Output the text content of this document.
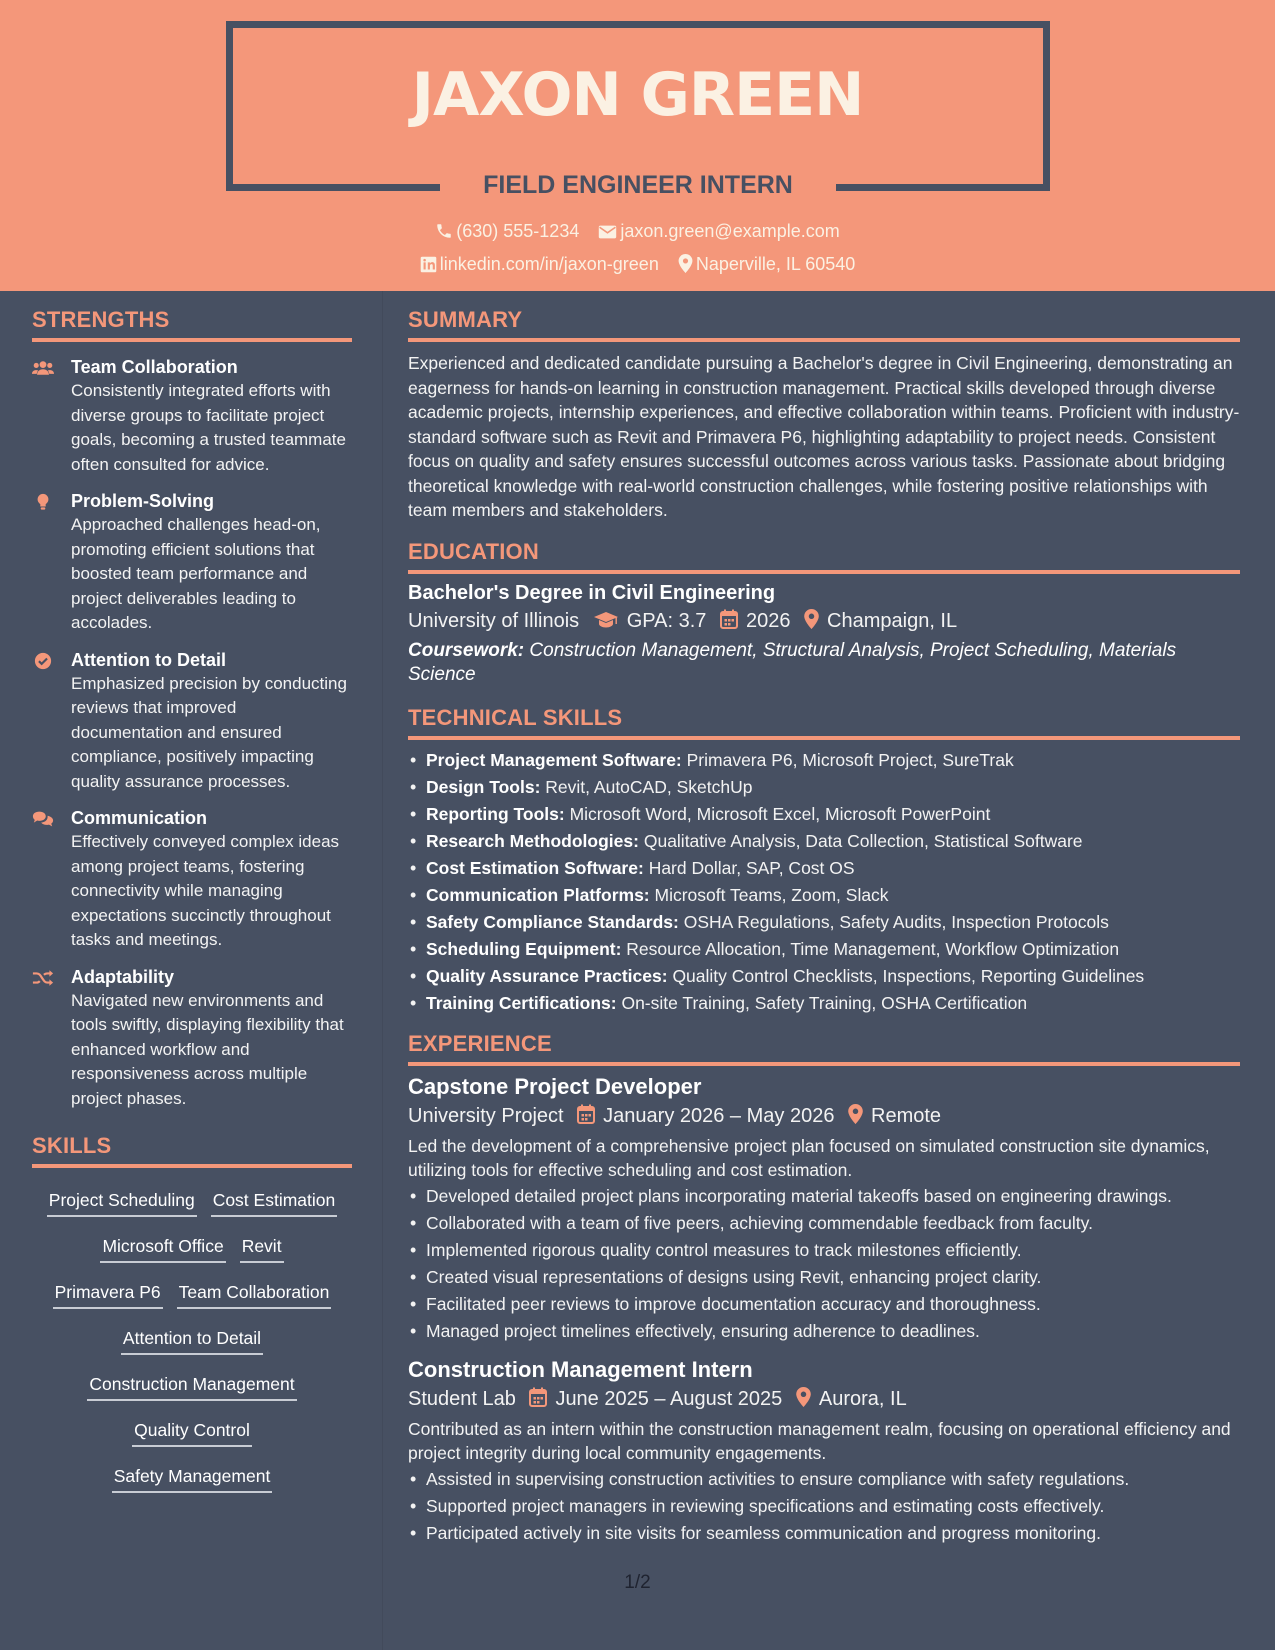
JAXON GREEN
FIELD ENGINEER INTERN
(630) 555-1234 jaxon.green@example.com
linkedin.com/in/jaxon-green Naperville, IL 60540
STRENGTHS
Team Collaboration
Consistently integrated efforts with diverse groups to facilitate project goals, becoming a trusted teammate often consulted for advice.
Problem-Solving
Approached challenges head-on, promoting efficient solutions that boosted team performance and project deliverables leading to accolades.
Attention to Detail
Emphasized precision by conducting reviews that improved documentation and ensured compliance, positively impacting quality assurance processes.
Communication
Effectively conveyed complex ideas among project teams, fostering connectivity while managing expectations succinctly throughout tasks and meetings.
Adaptability
Navigated new environments and tools swiftly, displaying flexibility that enhanced workflow and responsiveness across multiple project phases.
SKILLS
Project Scheduling Cost Estimation
Microsoft Office Revit
Primavera P6 Team Collaboration
Attention to Detail
Construction Management
Quality Control
Safety Management
SUMMARY
Experienced and dedicated candidate pursuing a Bachelor's degree in Civil Engineering, demonstrating an eagerness for hands-on learning in construction management. Practical skills developed through diverse academic projects, internship experiences, and effective collaboration within teams. Proficient with industry-standard software such as Revit and Primavera P6, highlighting adaptability to project needs. Consistent focus on quality and safety ensures successful outcomes across various tasks. Passionate about bridging theoretical knowledge with real-world construction challenges, while fostering positive relationships with team members and stakeholders.
EDUCATION
Bachelor's Degree in Civil Engineering
University of Illinois GPA: 3.7 2026 Champaign, IL
Coursework: Construction Management, Structural Analysis, Project Scheduling, Materials Science
TECHNICAL SKILLS
• Project Management Software: Primavera P6, Microsoft Project, SureTrak
• Design Tools: Revit, AutoCAD, SketchUp
• Reporting Tools: Microsoft Word, Microsoft Excel, Microsoft PowerPoint
• Research Methodologies: Qualitative Analysis, Data Collection, Statistical Software
• Cost Estimation Software: Hard Dollar, SAP, Cost OS
• Communication Platforms: Microsoft Teams, Zoom, Slack
• Safety Compliance Standards: OSHA Regulations, Safety Audits, Inspection Protocols
• Scheduling Equipment: Resource Allocation, Time Management, Workflow Optimization
• Quality Assurance Practices: Quality Control Checklists, Inspections, Reporting Guidelines
• Training Certifications: On-site Training, Safety Training, OSHA Certification
EXPERIENCE
Capstone Project Developer
University Project January 2026 – May 2026 Remote
Led the development of a comprehensive project plan focused on simulated construction site dynamics, utilizing tools for effective scheduling and cost estimation.
• Developed detailed project plans incorporating material takeoffs based on engineering drawings.
• Collaborated with a team of five peers, achieving commendable feedback from faculty.
• Implemented rigorous quality control measures to track milestones efficiently.
• Created visual representations of designs using Revit, enhancing project clarity.
• Facilitated peer reviews to improve documentation accuracy and thoroughness.
• Managed project timelines effectively, ensuring adherence to deadlines.
Construction Management Intern
Student Lab June 2025 – August 2025 Aurora, IL
Contributed as an intern within the construction management realm, focusing on operational efficiency and project integrity during local community engagements.
• Assisted in supervising construction activities to ensure compliance with safety regulations.
• Supported project managers in reviewing specifications and estimating costs effectively.
• Participated actively in site visits for seamless communication and progress monitoring.
1/2
